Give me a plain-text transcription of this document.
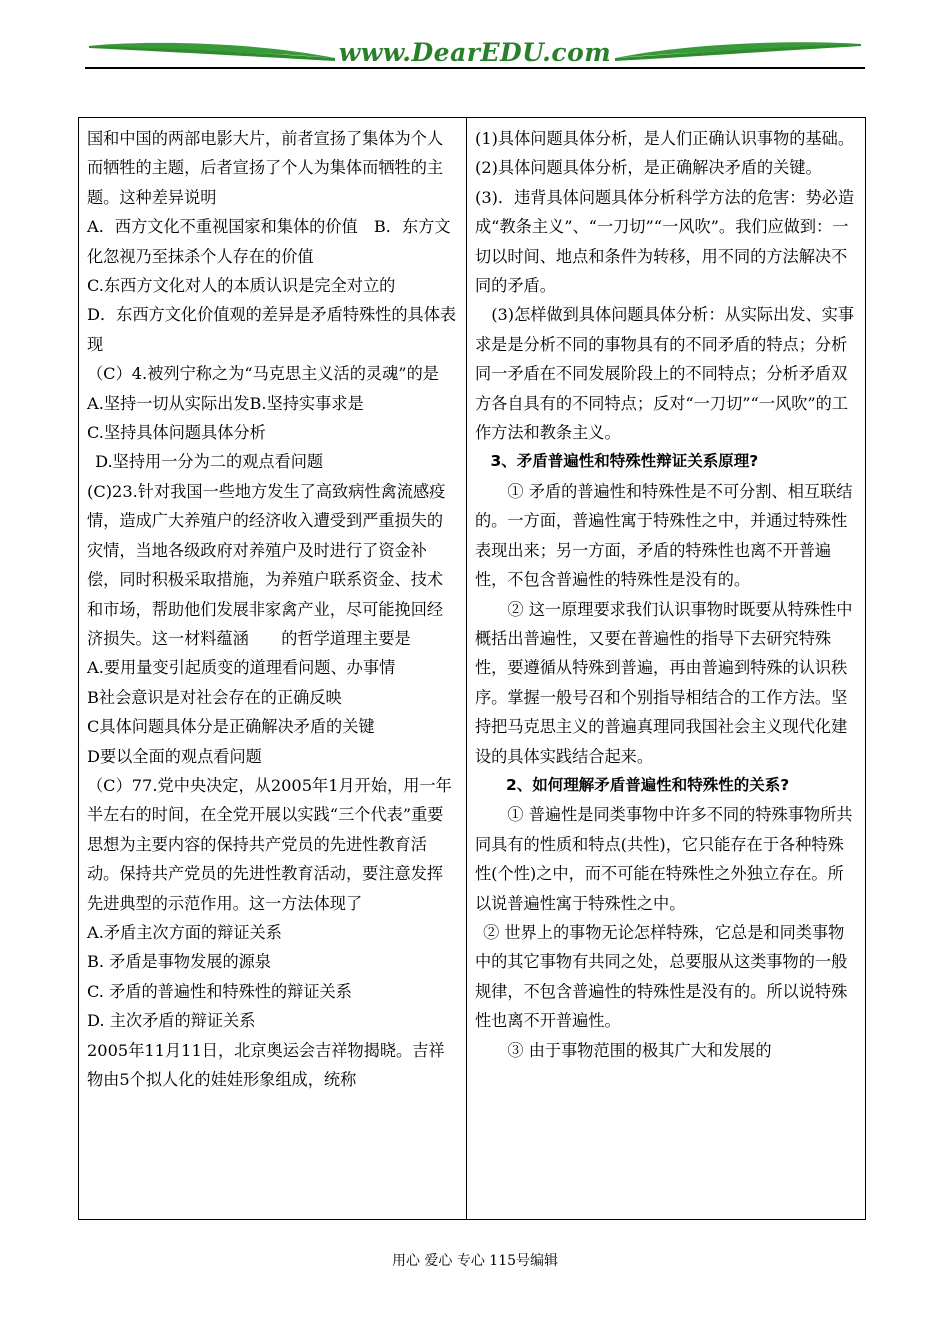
www.DearEDU.com

国和中国的两部电影大片，前者宣扬了集体为个人而牺牲的主题，后者宣扬了个人为集体而牺牲的主题。这种差异说明

A．西方文化不重视国家和集体的价值　B．东方文化忽视乃至抹杀个人存在的价值

C.东西方文化对人的本质认识是完全对立的

D．东西方文化价值观的差异是矛盾特殊性的具体表现

（C）4.被列宁称之为“马克思主义活的灵魂”的是

A.坚持一切从实际出发B.坚持实事求是

C.坚持具体问题具体分析

D.坚持用一分为二的观点看问题

(C)23.针对我国一些地方发生了高致病性禽流感疫情，造成广大养殖户的经济收入遭受到严重损失的灾情，当地各级政府对养殖户及时进行了资金补偿，同时积极采取措施，为养殖户联系资金、技术和市场，帮助他们发展非家禽产业，尽可能挽回经济损失。这一材料蕴涵　　的哲学道理主要是

A.要用量变引起质变的道理看问题、办事情

B社会意识是对社会存在的正确反映

C具体问题具体分是正确解决矛盾的关键

D要以全面的观点看问题

（C）77.党中央决定，从2005年1月开始，用一年半左右的时间，在全党开展以实践“三个代表”重要思想为主要内容的保持共产党员的先进性教育活动。保持共产党员的先进性教育活动，要注意发挥先进典型的示范作用。这一方法体现了

A.矛盾主次方面的辩证关系

B. 矛盾是事物发展的源泉

C. 矛盾的普遍性和特殊性的辩证关系

D. 主次矛盾的辩证关系

2005年11月11日，北京奥运会吉祥物揭晓。吉祥物由5个拟人化的娃娃形象组成，统称

(1)具体问题具体分析，是人们正确认识事物的基础。(2)具体问题具体分析，是正确解决矛盾的关键。(3)．违背具体问题具体分析科学方法的危害：势必造成“教条主义”、“一刀切”“一风吹”。我们应做到：一切以时间、地点和条件为转移，用不同的方法解决不同的矛盾。

(3)怎样做到具体问题具体分析：从实际出发、实事求是是分析不同的事物具有的不同矛盾的特点；分析同一矛盾在不同发展阶段上的不同特点；分析矛盾双方各自具有的不同特点；反对“一刀切”“一风吹”的工作方法和教条主义。

3、矛盾普遍性和特殊性辩证关系原理?

① 矛盾的普遍性和特殊性是不可分割、相互联结的。一方面，普遍性寓于特殊性之中，并通过特殊性表现出来；另一方面，矛盾的特殊性也离不开普遍性，不包含普遍性的特殊性是没有的。

② 这一原理要求我们认识事物时既要从特殊性中概括出普遍性，又要在普遍性的指导下去研究特殊性，要遵循从特殊到普遍，再由普遍到特殊的认识秩序。掌握一般号召和个别指导相结合的工作方法。坚持把马克思主义的普遍真理同我国社会主义现代化建设的具体实践结合起来。

2、如何理解矛盾普遍性和特殊性的关系?

① 普遍性是同类事物中许多不同的特殊事物所共同具有的性质和特点(共性)，它只能存在于各种特殊性(个性)之中，而不可能在特殊性之外独立存在。所以说普遍性寓于特殊性之中。

② 世界上的事物无论怎样特殊，它总是和同类事物中的其它事物有共同之处，总要服从这类事物的一般规律，不包含普遍性的特殊性是没有的。所以说特殊性也离不开普遍性。

③ 由于事物范围的极其广大和发展的

用心 爱心 专心 115号编辑
